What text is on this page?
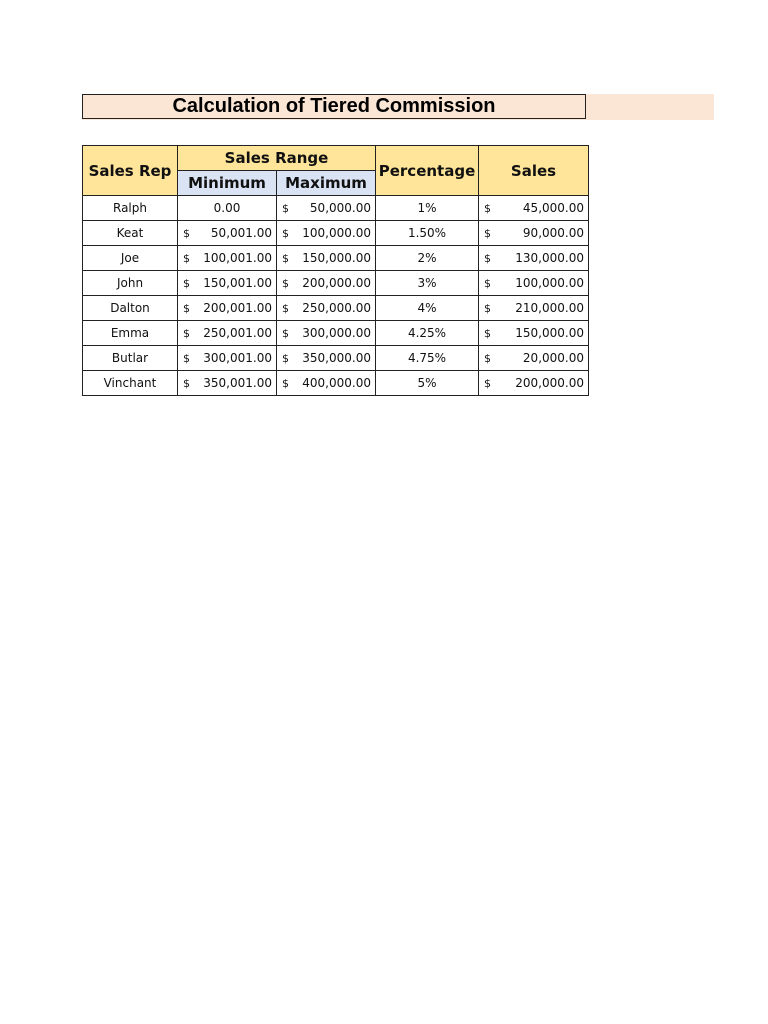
Calculation of Tiered Commission
Sales Rep	Sales Range		Percentage	Sales
	Minimum	Maximum		
Ralph	0.00	$ 50,000.00	1%	$ 45,000.00

Keat	$ 50,001.00	$ 100,000.00	1.50%	$ 90,000.00

Joe	$ 100,001.00	$ 150,000.00	2%	$ 130,000.00

John	$ 150,001.00	$ 200,000.00	3%	$ 100,000.00

Dalton	$ 200,001.00	$ 250,000.00	4%	$ 210,000.00

Emma	$ 250,001.00	$ 300,000.00	4.25%	$ 150,000.00

Butlar	$ 300,001.00	$ 350,000.00	4.75%	$ 20,000.00

Vinchant	$ 350,001.00	$ 400,000.00	5%	$ 200,000.00
